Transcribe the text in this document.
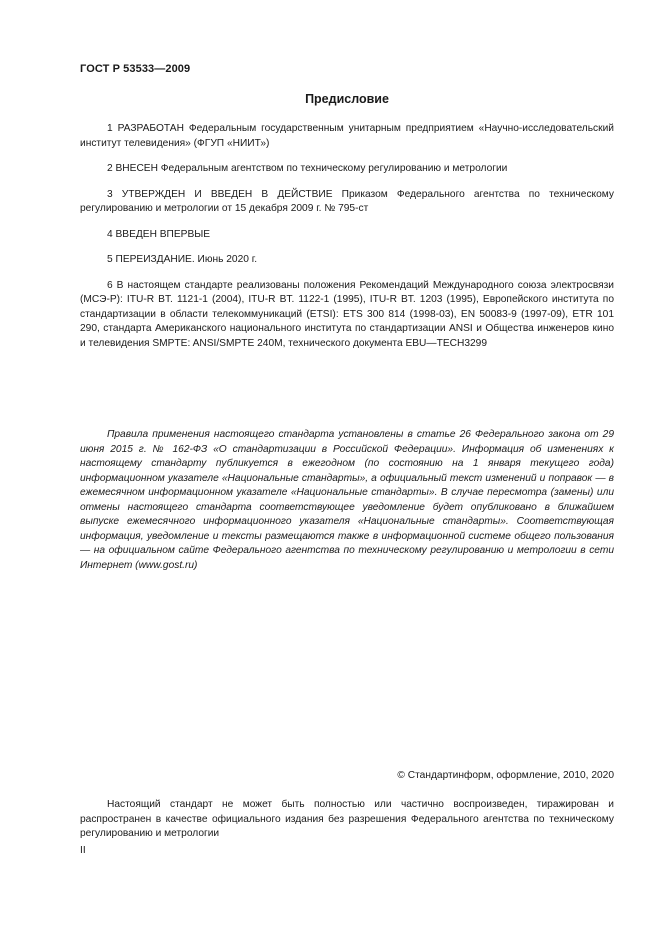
ГОСТ Р 53533—2009
Предисловие

1 РАЗРАБОТАН Федеральным государственным унитарным предприятием «Научно-исследовательский институт телевидения» (ФГУП «НИИТ»)

2 ВНЕСЕН Федеральным агентством по техническому регулированию и метрологии

3 УТВЕРЖДЕН И ВВЕДЕН В ДЕЙСТВИЕ Приказом Федерального агентства по техническому регулированию и метрологии от 15 декабря 2009 г. № 795-ст

4 ВВЕДЕН ВПЕРВЫЕ

5 ПЕРЕИЗДАНИЕ. Июнь 2020 г.

6 В настоящем стандарте реализованы положения Рекомендаций Международного союза электросвязи (МСЭ-Р): ITU-R BT. 1121-1 (2004), ITU-R BT. 1122-1 (1995), ITU-R BT. 1203 (1995), Европейского института по стандартизации в области телекоммуникаций (ETSI): ETS 300 814 (1998-03), EN 50083-9 (1997-09), ETR 101 290, стандарта Американского национального института по стандартизации ANSI и Общества инженеров кино и телевидения SMPTE: ANSI/SMPTE 240M, технического документа EBU—TECH3299

Правила применения настоящего стандарта установлены в статье 26 Федерального закона от 29 июня 2015 г. № 162-ФЗ «О стандартизации в Российской Федерации». Информация об изменениях к настоящему стандарту публикуется в ежегодном (по состоянию на 1 января текущего года) информационном указателе «Национальные стандарты», а официальный текст изменений и поправок — в ежемесячном информационном указателе «Национальные стандарты». В случае пересмотра (замены) или отмены настоящего стандарта соответствующее уведомление будет опубликовано в ближайшем выпуске ежемесячного информационного указателя «Национальные стандарты». Соответствующая информация, уведомление и тексты размещаются также в информационной системе общего пользования — на официальном сайте Федерального агентства по техническому регулированию и метрологии в сети Интернет (www.gost.ru)

© Стандартинформ, оформление, 2010, 2020

Настоящий стандарт не может быть полностью или частично воспроизведен, тиражирован и распространен в качестве официального издания без разрешения Федерального агентства по техническому регулированию и метрологии

II
